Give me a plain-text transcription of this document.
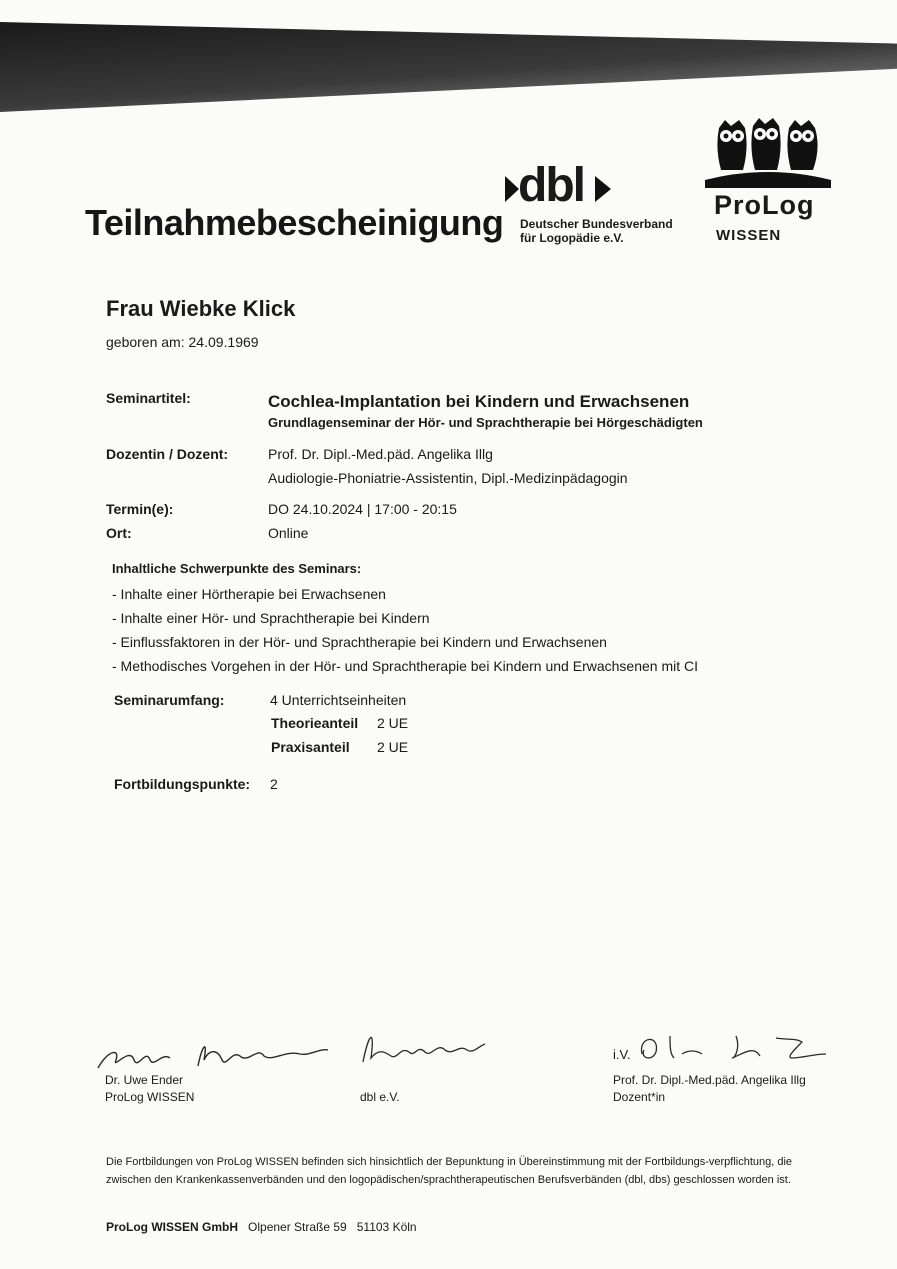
Teilnahmebescheinigung
dbl
Deutscher Bundesverband
für Logopädie e.V.
ProLog
WISSEN
Frau Wiebke Klick
geboren am: 24.09.1969
Seminartitel:	Cochlea-Implantation bei Kindern und Erwachsenen
Grundlagenseminar der Hör- und Sprachtherapie bei Hörgeschädigten
Dozentin / Dozent:	Prof. Dr. Dipl.-Med.päd. Angelika Illg
Audiologie-Phoniatrie-Assistentin, Dipl.-Medizinpädagogin
Termin(e):	DO 24.10.2024 | 17:00 - 20:15
Ort:	Online
Inhaltliche Schwerpunkte des Seminars:
- Inhalte einer Hörtherapie bei Erwachsenen
- Inhalte einer Hör- und Sprachtherapie bei Kindern
- Einflussfaktoren in der Hör- und Sprachtherapie bei Kindern und Erwachsenen
- Methodisches Vorgehen in der Hör- und Sprachtherapie bei Kindern und Erwachsenen mit CI
Seminarumfang:	4 Unterrichtseinheiten
Theorieanteil 2 UE
Praxisanteil 2 UE
Fortbildungspunkte: 2
Dr. Uwe Ender
ProLog WISSEN	dbl e.V.
i.V.
Prof. Dr. Dipl.-Med.päd. Angelika Illg
Dozent*in
Die Fortbildungen von ProLog WISSEN befinden sich hinsichtlich der Bepunktung in Übereinstimmung mit der Fortbildungs-verpflichtung, die zwischen den Krankenkassenverbänden und den logopädischen/sprachtherapeutischen Berufsverbänden (dbl, dbs) geschlossen worden ist.
ProLog WISSEN GmbH Olpener Straße 59 51103 Köln
